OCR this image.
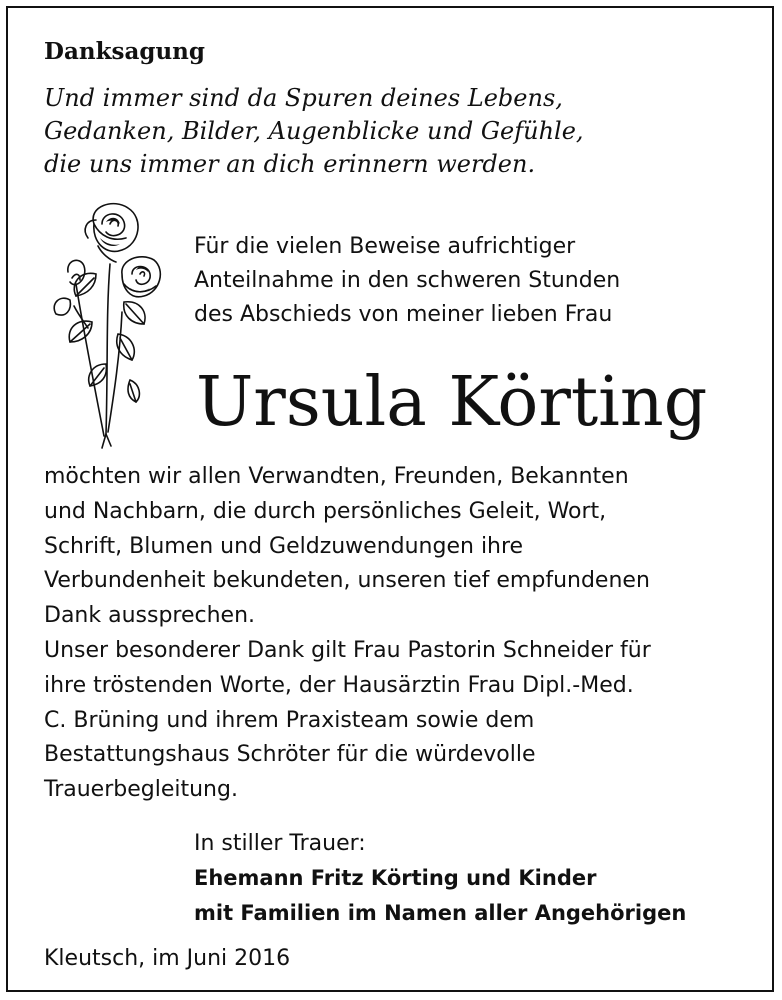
Danksagung
Und immer sind da Spuren deines Lebens,
Gedanken, Bilder, Augenblicke und Gefühle,
die uns immer an dich erinnern werden.
Für die vielen Beweise aufrichtiger
Anteilnahme in den schweren Stunden
des Abschieds von meiner lieben Frau
Ursula Körting
möchten wir allen Verwandten, Freunden, Bekannten
und Nachbarn, die durch persönliches Geleit, Wort,
Schrift, Blumen und Geldzuwendungen ihre
Verbundenheit bekundeten, unseren tief empfundenen
Dank aussprechen.
Unser besonderer Dank gilt Frau Pastorin Schneider für
ihre tröstenden Worte, der Hausärztin Frau Dipl.-Med.
C. Brüning und ihrem Praxisteam sowie dem
Bestattungshaus Schröter für die würdevolle
Trauerbegleitung.
In stiller Trauer:
Ehemann Fritz Körting und Kinder
mit Familien im Namen aller Angehörigen
Kleutsch, im Juni 2016
